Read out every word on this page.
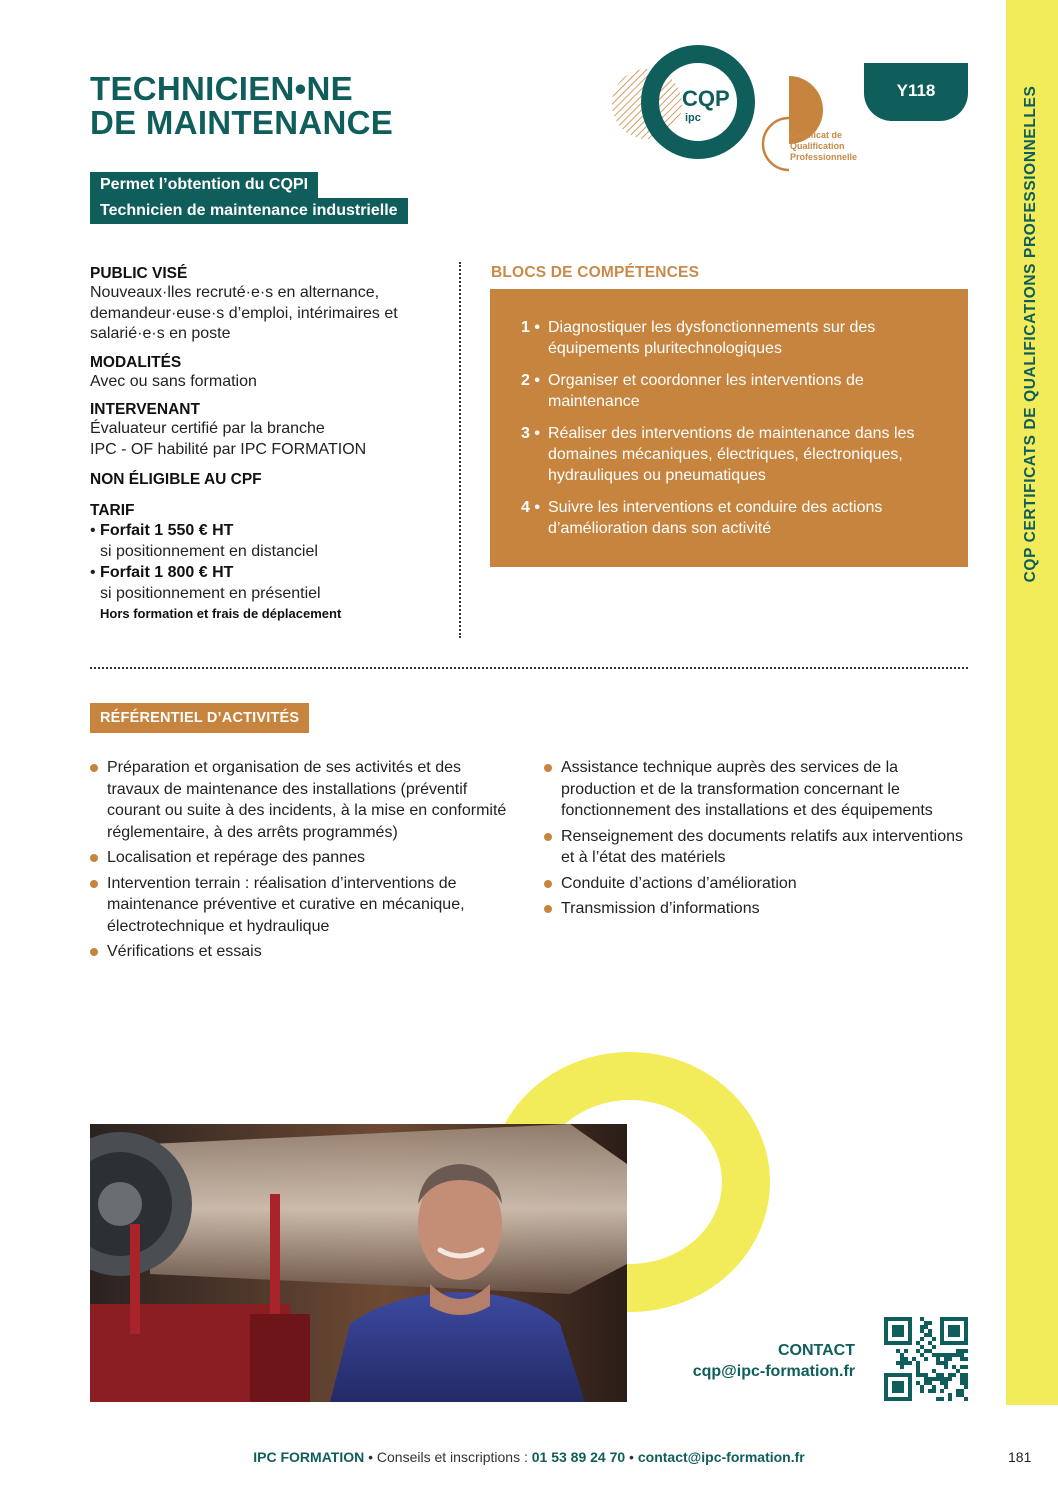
TECHNICIEN•NE
DE MAINTENANCE
CQP
ipc
Certificat de
Qualification
Professionnelle
Y118
CQP CERTIFICATS DE QUALIFICATIONS PROFESSIONNELLES
Permet l’obtention du CQPI
Technicien de maintenance industrielle
PUBLIC VISÉ

Nouveaux·lles recruté·e·s en alternance, demandeur·euse·s d’emploi, intérimaires et salarié·e·s en poste

MODALITÉS

Avec ou sans formation

INTERVENANT

Évaluateur certifié par la branche

IPC - OF habilité par IPC FORMATION

NON ÉLIGIBLE AU CPF
TARIF
• Forfait 1 550 € HT
si positionnement en distanciel
• Forfait 1 800 € HT
si positionnement en présentiel
Hors formation et frais de déplacement
BLOCS DE COMPÉTENCES
1 • Diagnostiquer les dysfonctionnements sur des équipements pluritechnologiques
2 • Organiser et coordonner les interventions de maintenance
3 • Réaliser des interventions de maintenance dans les domaines mécaniques, électriques, électroniques, hydrauliques ou pneumatiques
4 • Suivre les interventions et conduire des actions d’amélioration dans son activité
RÉFÉRENTIEL D’ACTIVITÉS
Préparation et organisation de ses activités et des travaux de maintenance des installations (préventif courant ou suite à des incidents, à la mise en conformité réglementaire, à des arrêts programmés)
Localisation et repérage des pannes
Intervention terrain : réalisation d’interventions de maintenance préventive et curative en mécanique, électrotechnique et hydraulique
Vérifications et essais
Assistance technique auprès des services de la production et de la transformation concernant le fonctionnement des installations et des équipements
Renseignement des documents relatifs aux interventions et à l’état des matériels
Conduite d’actions d’amélioration
Transmission d’informations
CONTACT
cqp@ipc-formation.fr
IPC FORMATION • Conseils et inscriptions : 01 53 89 24 70 • contact@ipc-formation.fr	181
